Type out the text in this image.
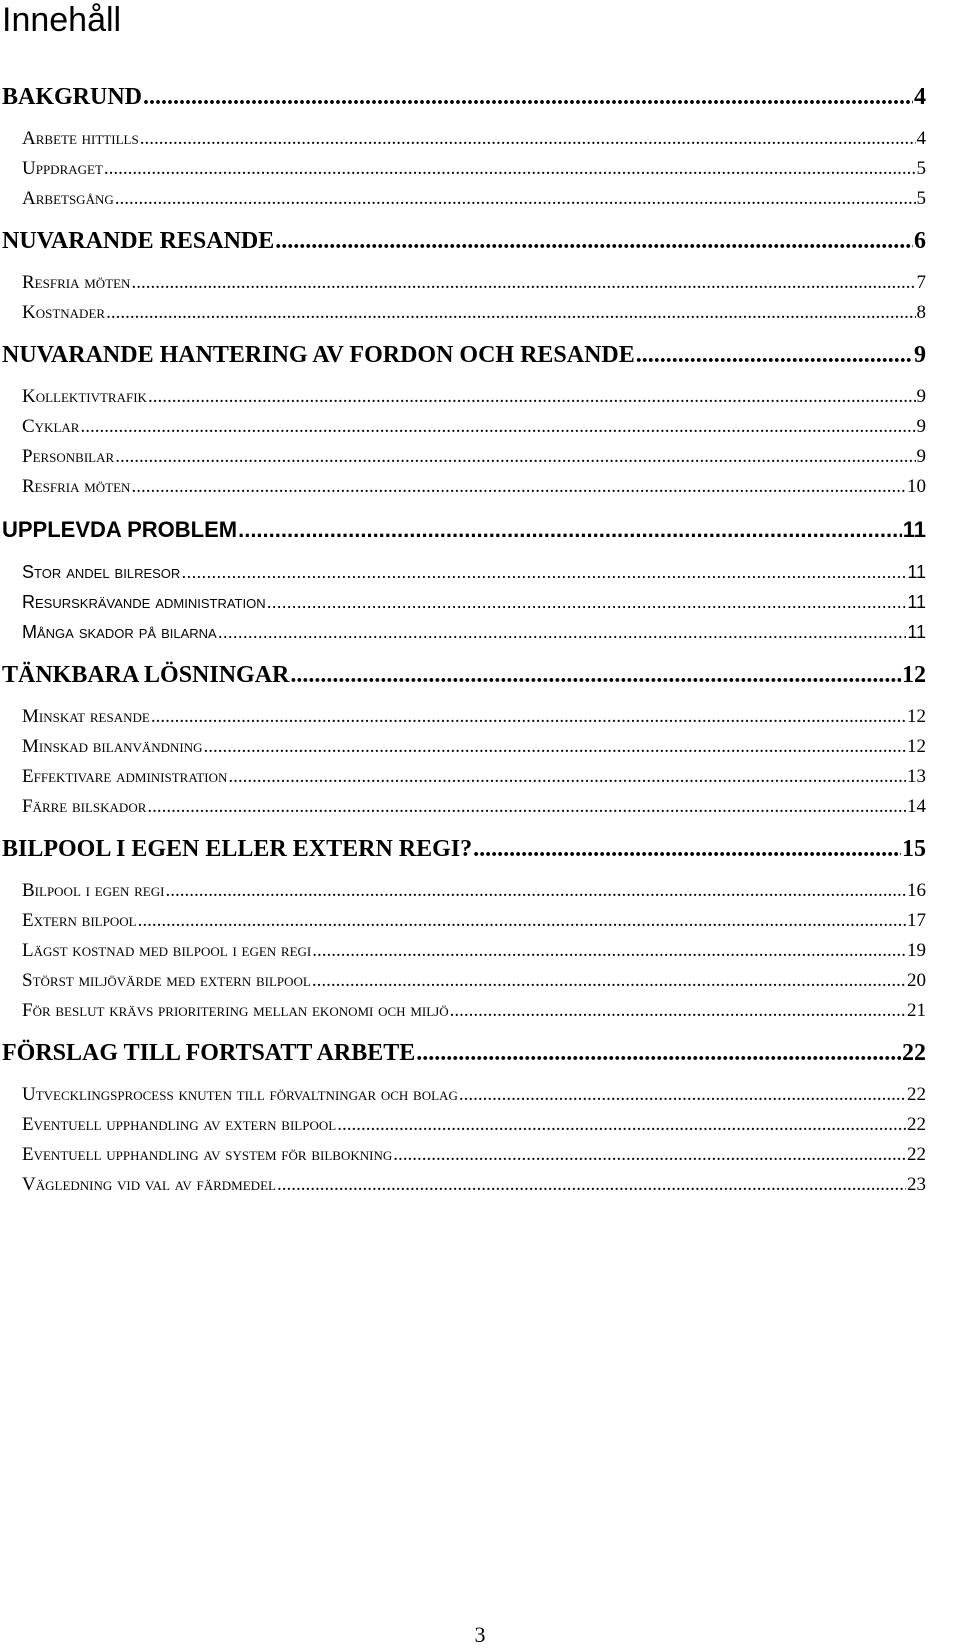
Innehåll
BAKGRUND .....	4
Arbete hittills .....	4
Uppdraget .....	5
Arbetsgång .....	5
NUVARANDE RESANDE .....	6
Resfria möten .....	7
Kostnader .....	8
NUVARANDE HANTERING AV FORDON OCH RESANDE .....	9
Kollektivtrafik .....	9
Cyklar .....	9
Personbilar .....	9
Resfria möten .....	10
UPPLEVDA PROBLEM .....	11
Stor andel bilresor .....	11
Resurskrävande administration .....	11
Många skador på bilarna .....	11
TÄNKBARA LÖSNINGAR .....	12
Minskat resande .....	12
Minskad bilanvändning .....	12
Effektivare administration .....	13
Färre bilskador .....	14
BILPOOL I EGEN ELLER EXTERN REGI? .....	15
Bilpool i egen regi .....	16
Extern bilpool .....	17
Lägst kostnad med bilpool i egen regi .....	19
Störst miljövärde med extern bilpool .....	20
För beslut krävs prioritering mellan ekonomi och miljö .....	21
FÖRSLAG TILL FORTSATT ARBETE .....	22
Utvecklingsprocess knuten till förvaltningar och bolag .....	22
Eventuell upphandling av extern bilpool .....	22
Eventuell upphandling av system för bilbokning .....	22
Vägledning vid val av färdmedel .....	23
3
